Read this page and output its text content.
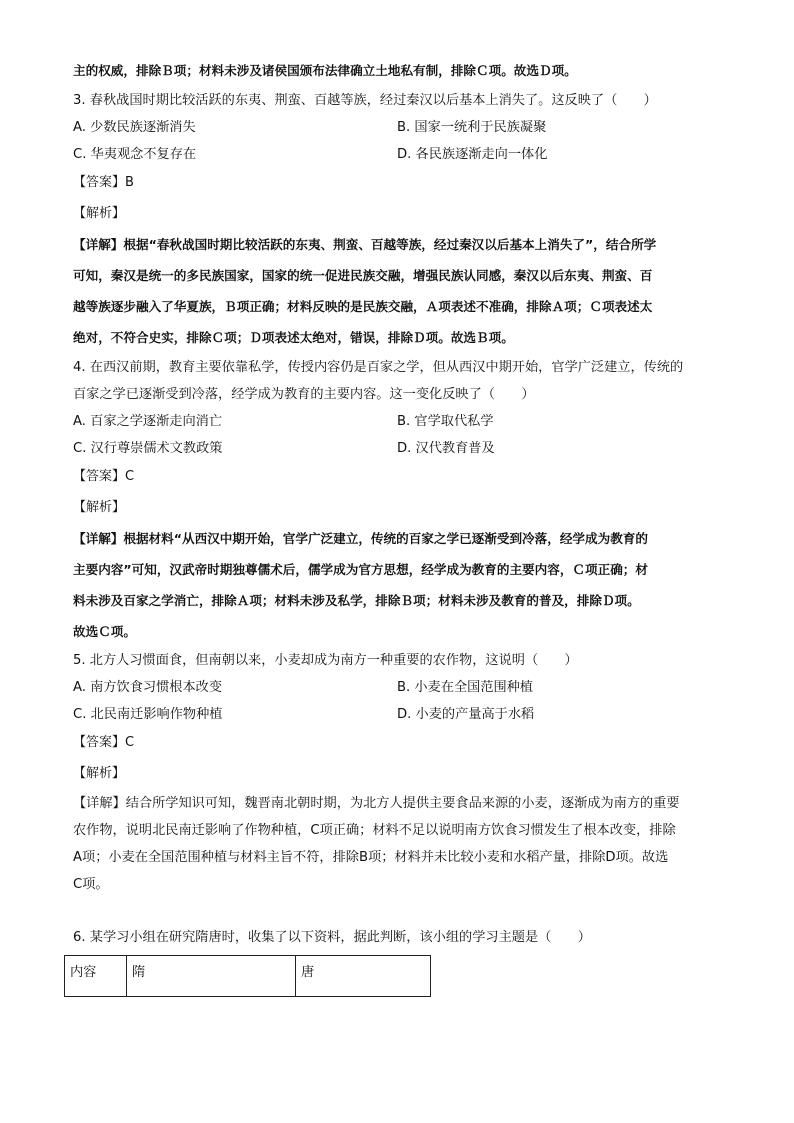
主的权威，排除Ｂ项；材料未涉及诸侯国颁布法律确立土地私有制，排除Ｃ项。故选Ｄ项。
3. 春秋战国时期比较活跃的东夷、荆蛮、百越等族，经过秦汉以后基本上消失了。这反映了（　　）
A. 少数民族逐渐消失	B. 国家一统利于民族凝聚
C. 华夷观念不复存在	D. 各民族逐渐走向一体化
【答案】B
【解析】
【详解】根据“春秋战国时期比较活跃的东夷、荆蛮、百越等族，经过秦汉以后基本上消失了”，结合所学
可知，秦汉是统一的多民族国家，国家的统一促进民族交融，增强民族认同感，秦汉以后东夷、荆蛮、百
越等族逐步融入了华夏族，Ｂ项正确；材料反映的是民族交融，Ａ项表述不准确，排除Ａ项；Ｃ项表述太
绝对，不符合史实，排除Ｃ项；Ｄ项表述太绝对，错误，排除Ｄ项。故选Ｂ项。
4. 在西汉前期，教育主要依靠私学，传授内容仍是百家之学，但从西汉中期开始，官学广泛建立，传统的
百家之学已逐渐受到冷落，经学成为教育的主要内容。这一变化反映了（　　）
A. 百家之学逐渐走向消亡	B. 官学取代私学
C. 汉行尊崇儒术文教政策	D. 汉代教育普及
【答案】C
【解析】
【详解】根据材料“从西汉中期开始，官学广泛建立，传统的百家之学已逐渐受到冷落，经学成为教育的
主要内容”可知，汉武帝时期独尊儒术后，儒学成为官方思想，经学成为教育的主要内容，Ｃ项正确；材
料未涉及百家之学消亡，排除Ａ项；材料未涉及私学，排除Ｂ项；材料未涉及教育的普及，排除Ｄ项。
故选Ｃ项。
5. 北方人习惯面食，但南朝以来，小麦却成为南方一种重要的农作物，这说明（　　）
A. 南方饮食习惯根本改变	B. 小麦在全国范围种植
C. 北民南迁影响作物种植	D. 小麦的产量高于水稻
【答案】C
【解析】
【详解】结合所学知识可知，魏晋南北朝时期，为北方人提供主要食品来源的小麦，逐渐成为南方的重要
农作物，说明北民南迁影响了作物种植，C项正确；材料不足以说明南方饮食习惯发生了根本改变，排除
A项；小麦在全国范围种植与材料主旨不符，排除B项；材料并未比较小麦和水稻产量，排除D项。故选
C项。
6. 某学习小组在研究隋唐时，收集了以下资料，据此判断，该小组的学习主题是（　　）
内容	隋	唐
